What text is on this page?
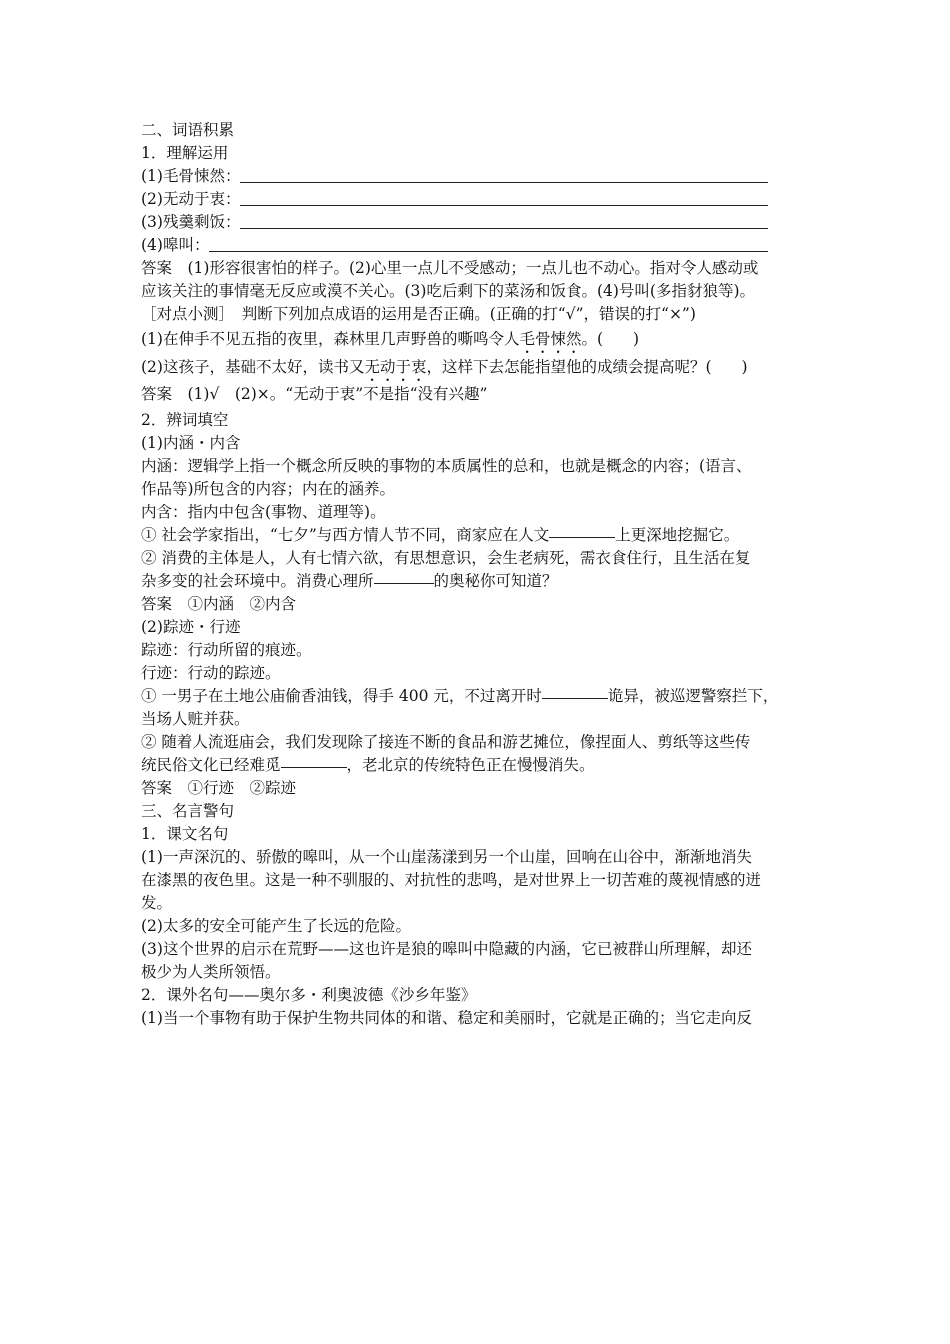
二、词语积累

1．理解运用

(1)毛骨悚然：
(2)无动于衷：
(3)残羹剩饭：
(4)嗥叫：

答案　(1)形容很害怕的样子。(2)心里一点儿不受感动；一点儿也不动心。指对令人感动或

应该关注的事情毫无反应或漠不关心。(3)吃后剩下的菜汤和饭食。(4)号叫(多指豺狼等)。

［对点小测］　判断下列加点成语的运用是否正确。(正确的打“√”，错误的打“×”)

(1)在伸手不见五指的夜里，森林里几声野兽的嘶鸣令人毛骨悚然。( )

(2)这孩子，基础不太好，读书又无动于衷，这样下去怎能指望他的成绩会提高呢？( )

答案　(1)√　(2)×。“无动于衷”不是指“没有兴趣”

2．辨词填空

(1)内涵・内含

内涵：逻辑学上指一个概念所反映的事物的本质属性的总和，也就是概念的内容；(语言、

作品等)所包含的内容；内在的涵养。

内含：指内中包含(事物、道理等)。

① 社会学家指出，“七夕”与西方情人节不同，商家应在人文	上更深地挖掘它。

② 消费的主体是人，人有七情六欲，有思想意识，会生老病死，需衣食住行，且生活在复

杂多变的社会环境中。消费心理所	的奥秘你可知道？

答案　①内涵　②内含

(2)踪迹・行迹

踪迹：行动所留的痕迹。

行迹：行动的踪迹。

① 一男子在土地公庙偷香油钱，得手 400 元，不过离开时	诡异，被巡逻警察拦下，

当场人赃并获。

② 随着人流逛庙会，我们发现除了接连不断的食品和游艺摊位，像捏面人、剪纸等这些传

统民俗文化已经难觅	，老北京的传统特色正在慢慢消失。

答案　①行迹　②踪迹

三、名言警句

1．课文名句

(1)一声深沉的、骄傲的嗥叫，从一个山崖荡漾到另一个山崖，回响在山谷中，渐渐地消失

在漆黑的夜色里。这是一种不驯服的、对抗性的悲鸣，是对世界上一切苦难的蔑视情感的迸

发。

(2)太多的安全可能产生了长远的危险。

(3)这个世界的启示在荒野——这也许是狼的嗥叫中隐藏的内涵，它已被群山所理解，却还

极少为人类所领悟。

2．课外名句——奥尔多・利奥波德《沙乡年鉴》

(1)当一个事物有助于保护生物共同体的和谐、稳定和美丽时，它就是正确的；当它走向反
